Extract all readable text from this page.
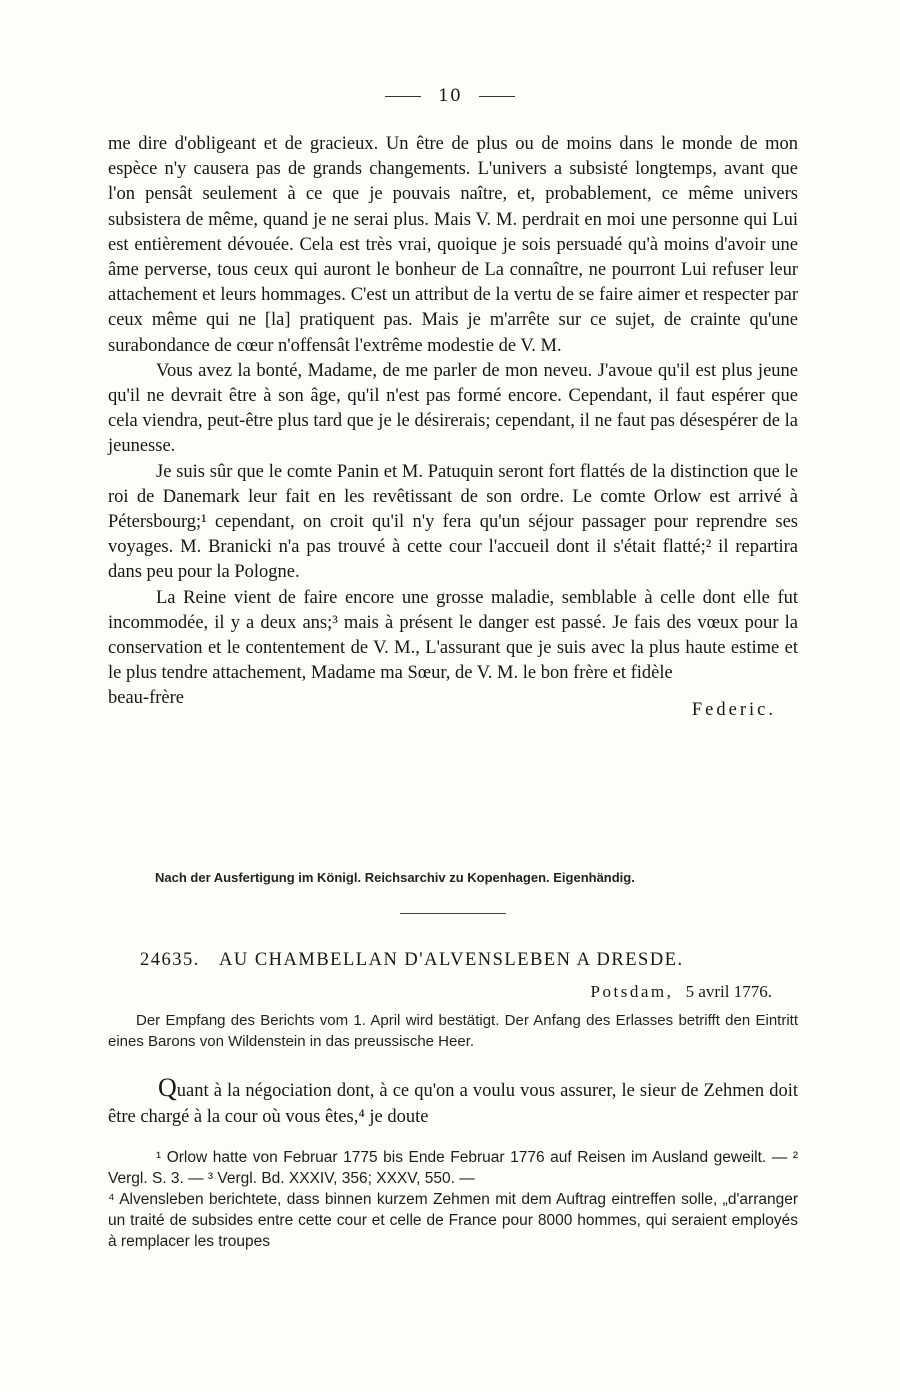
10

me dire d'obligeant et de gracieux. Un être de plus ou de moins dans le monde de mon espèce n'y causera pas de grands changements. L'univers a subsisté longtemps, avant que l'on pensât seulement à ce que je pouvais naître, et, probablement, ce même univers subsistera de même, quand je ne serai plus. Mais V. M. perdrait en moi une personne qui Lui est entièrement dévouée. Cela est très vrai, quoique je sois persuadé qu'à moins d'avoir une âme perverse, tous ceux qui auront le bonheur de La connaître, ne pourront Lui refuser leur attachement et leurs hommages. C'est un attribut de la vertu de se faire aimer et respecter par ceux même qui ne [la] pratiquent pas. Mais je m'arrête sur ce sujet, de crainte qu'une surabondance de cœur n'offensât l'extrême modestie de V. M.

Vous avez la bonté, Madame, de me parler de mon neveu. J'avoue qu'il est plus jeune qu'il ne devrait être à son âge, qu'il n'est pas formé encore. Cependant, il faut espérer que cela viendra, peut-être plus tard que je le désirerais; cependant, il ne faut pas désespérer de la jeunesse.

Je suis sûr que le comte Panin et M. Patuquin seront fort flattés de la distinction que le roi de Danemark leur fait en les revêtissant de son ordre. Le comte Orlow est arrivé à Pétersbourg;¹ cependant, on croit qu'il n'y fera qu'un séjour passager pour reprendre ses voyages. M. Branicki n'a pas trouvé à cette cour l'accueil dont il s'était flatté;² il repartira dans peu pour la Pologne.

La Reine vient de faire encore une grosse maladie, semblable à celle dont elle fut incommodée, il y a deux ans;³ mais à présent le danger est passé. Je fais des vœux pour la conservation et le contentement de V. M., L'assurant que je suis avec la plus haute estime et le plus tendre attachement, Madame ma Sœur, de V. M. le bon frère et fidèle

beau-frère
Federic.
Nach der Ausfertigung im Königl. Reichsarchiv zu Kopenhagen. Eigenhändig.
24635. AU CHAMBELLAN D'ALVENSLEBEN A DRESDE.
Potsdam, 5 avril 1776.
Der Empfang des Berichts vom 1. April wird bestätigt. Der Anfang des Erlasses betrifft den Eintritt eines Barons von Wildenstein in das preussische Heer.
Quant à la négociation dont, à ce qu'on a voulu vous assurer, le sieur de Zehmen doit être chargé à la cour où vous êtes,⁴ je doute

¹ Orlow hatte von Februar 1775 bis Ende Februar 1776 auf Reisen im Ausland geweilt. — ² Vergl. S. 3. — ³ Vergl. Bd. XXXIV, 356; XXXV, 550. —

⁴ Alvensleben berichtete, dass binnen kurzem Zehmen mit dem Auftrag eintreffen solle, „d'arranger un traité de subsides entre cette cour et celle de France pour 8000 hommes, qui seraient employés à remplacer les troupes
